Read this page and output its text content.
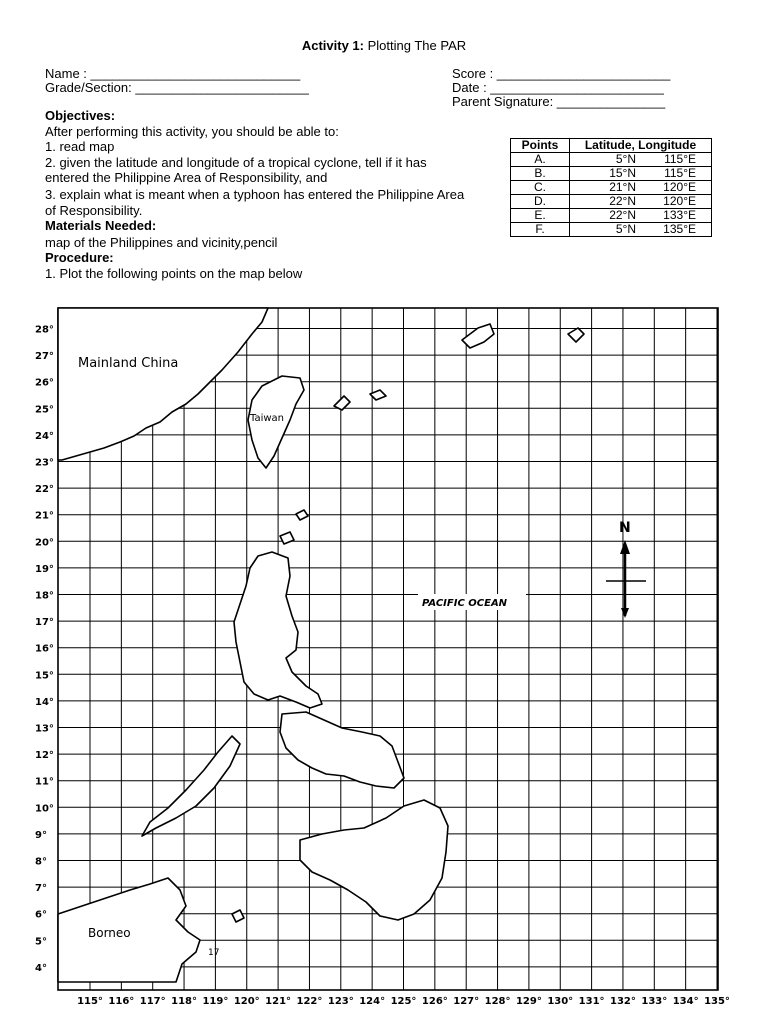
Activity 1: Plotting The PAR
Name : _____________________________
Grade/Section: ________________________
Score : ________________________
Date : ________________________
Parent Signature: _______________
Objectives:
After performing this activity, you should be able to:
1. read map
2. given the latitude and longitude of a tropical cyclone, tell if it has
entered the Philippine Area of Responsibility, and
3. explain what is meant when a typhoon has entered the Philippine Area
of Responsibility.
Materials Needed:
map of the Philippines and vicinity,pencil
Procedure:
1. Plot the following points on the map below
Points	Latitude, Longitude
A.	5°N 115°E
B.	15°N 115°E
C.	21°N 120°E
D.	22°N 120°E
E.	22°N 133°E
F.	5°N 135°E
28°
27°
26°
25°
24°
23°
22°
21°
20°
19°
18°
17°
16°
15°
14°
13°
12°
11°
10°
9°
8°
7°
6°
5°
4°
115° 116° 117° 118° 119° 120° 121° 122° 123° 124° 125° 126° 127° 128° 129° 130° 131° 132° 133° 134° 135°
Mainland China
Taiwan
PACIFIC OCEAN
Borneo
17
N
